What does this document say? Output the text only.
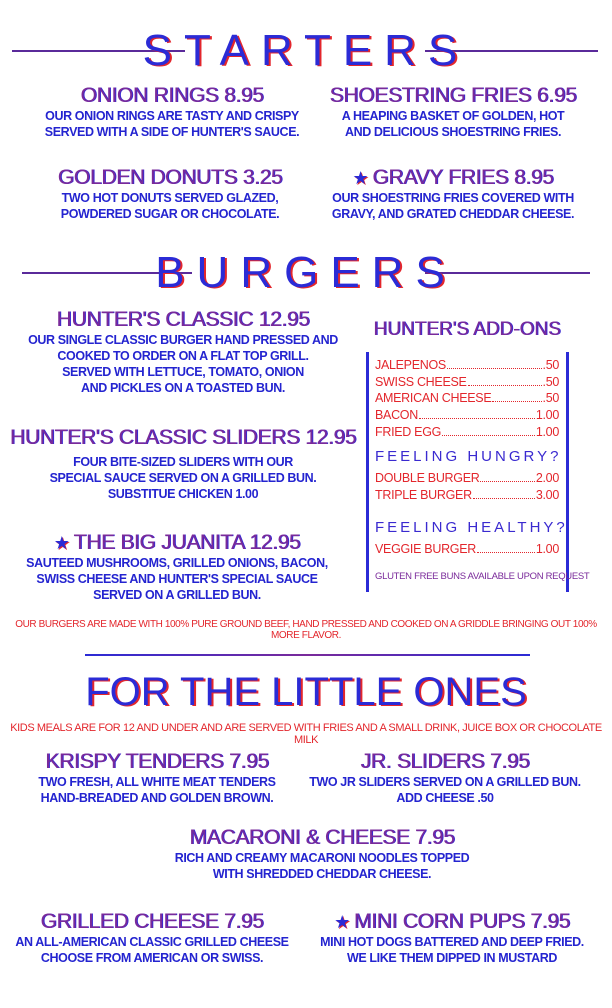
STARTERS
ONION RINGS 8.95
OUR ONION RINGS ARE TASTY AND CRISPY
SERVED WITH A SIDE OF HUNTER'S SAUCE.
SHOESTRING FRIES 6.95
A HEAPING BASKET OF GOLDEN, HOT
AND DELICIOUS SHOESTRING FRIES.
GOLDEN DONUTS 3.25
TWO HOT DONUTS SERVED GLAZED,
POWDERED SUGAR OR CHOCOLATE.
★ GRAVY FRIES 8.95
OUR SHOESTRING FRIES COVERED WITH
GRAVY, AND GRATED CHEDDAR CHEESE.
BURGERS
HUNTER'S CLASSIC 12.95
OUR SINGLE CLASSIC BURGER HAND PRESSED AND
COOKED TO ORDER ON A FLAT TOP GRILL.
SERVED WITH LETTUCE, TOMATO, ONION
AND PICKLES ON A TOASTED BUN.
HUNTER'S CLASSIC SLIDERS 12.95
FOUR BITE-SIZED SLIDERS WITH OUR
SPECIAL SAUCE SERVED ON A GRILLED BUN.
SUBSTITUE CHICKEN 1.00
★ THE BIG JUANITA 12.95
SAUTEED MUSHROOMS, GRILLED ONIONS, BACON,
SWISS CHEESE AND HUNTER'S SPECIAL SAUCE
SERVED ON A GRILLED BUN.
HUNTER'S ADD-ONS
JALEPENOS	.50
SWISS CHEESE	.50
AMERICAN CHEESE	.50
BACON	1.00
FRIED EGG	1.00
FEELING HUNGRY?
DOUBLE BURGER	2.00
TRIPLE BURGER	3.00
FEELING HEALTHY?
VEGGIE BURGER	1.00
GLUTEN FREE BUNS AVAILABLE UPON REQUEST
OUR BURGERS ARE MADE WITH 100% PURE GROUND BEEF, HAND PRESSED AND COOKED ON A GRIDDLE BRINGING OUT 100% MORE FLAVOR.
FOR THE LITTLE ONES
KIDS MEALS ARE FOR 12 AND UNDER AND ARE SERVED WITH FRIES AND A SMALL DRINK, JUICE BOX OR CHOCOLATE MILK
KRISPY TENDERS 7.95
TWO FRESH, ALL WHITE MEAT TENDERS
HAND-BREADED AND GOLDEN BROWN.
JR. SLIDERS 7.95
TWO JR SLIDERS SERVED ON A GRILLED BUN.
ADD CHEESE .50
MACARONI & CHEESE 7.95
RICH AND CREAMY MACARONI NOODLES TOPPED
WITH SHREDDED CHEDDAR CHEESE.
GRILLED CHEESE 7.95
AN ALL-AMERICAN CLASSIC GRILLED CHEESE
CHOOSE FROM AMERICAN OR SWISS.
★ MINI CORN PUPS 7.95
MINI HOT DOGS BATTERED AND DEEP FRIED.
WE LIKE THEM DIPPED IN MUSTARD
